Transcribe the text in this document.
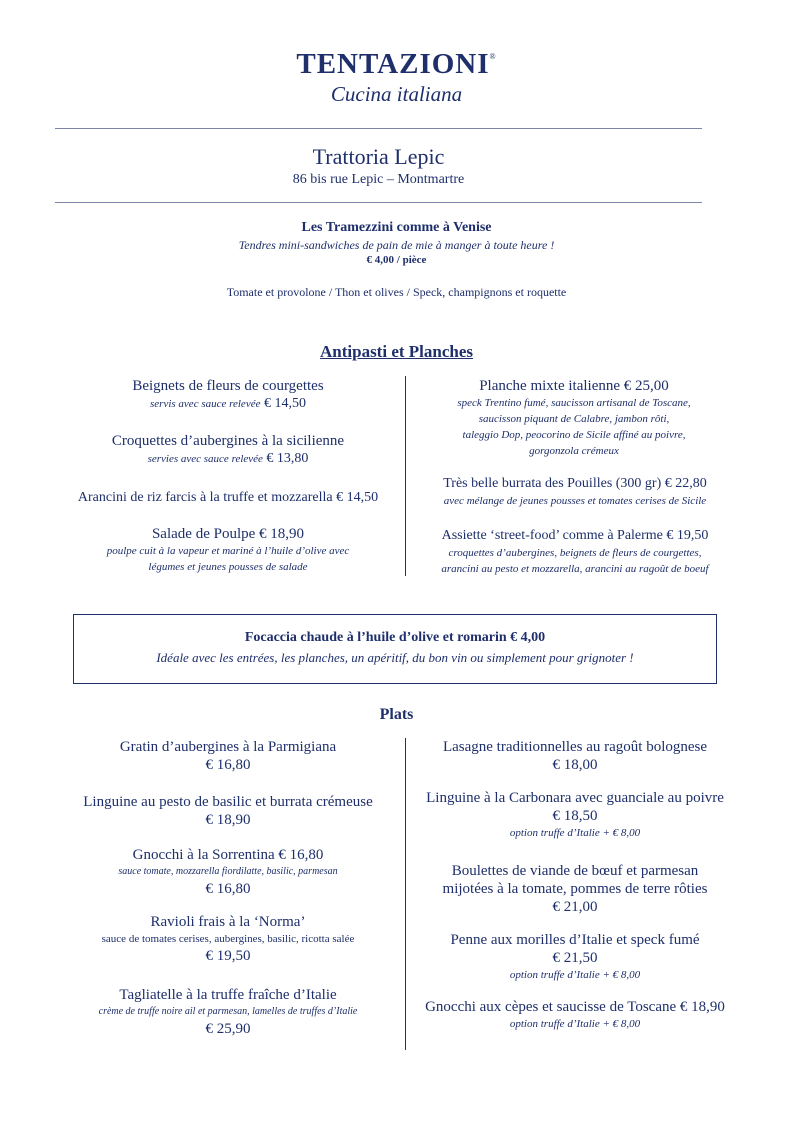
TENTAZIONI®
Cucina italiana
Trattoria Lepic
86 bis rue Lepic – Montmartre
Les Tramezzini comme à Venise
Tendres mini-sandwiches de pain de mie à manger à toute heure !
€ 4,00 / pièce
Tomate et provolone / Thon et olives / Speck, champignons et roquette
Antipasti et Planches
Beignets de fleurs de courgettes
servis avec sauce relevée € 14,50
Croquettes d’aubergines à la sicilienne
servies avec sauce relevée € 13,80
Arancini de riz farcis à la truffe et mozzarella € 14,50
Salade de Poulpe € 18,90
poulpe cuit à la vapeur et mariné à l’huile d’olive avec
légumes et jeunes pousses de salade
Planche mixte italienne € 25,00
speck Trentino fumé, saucisson artisanal de Toscane,
saucisson piquant de Calabre, jambon rôti,
taleggio Dop, peocorino de Sicile affiné au poivre,
gorgonzola crémeux
Très belle burrata des Pouilles (300 gr) € 22,80
avec mélange de jeunes pousses et tomates cerises de Sicile
Assiette ‘street-food’ comme à Palerme € 19,50
croquettes d’aubergines, beignets de fleurs de courgettes,
arancini au pesto et mozzarella, arancini au ragoût de boeuf
Focaccia chaude à l’huile d’olive et romarin € 4,00
Idéale avec les entrées, les planches, un apéritif, du bon vin ou simplement pour grignoter !
Plats
Gratin d’aubergines à la Parmigiana
€ 16,80
Linguine au pesto de basilic et burrata crémeuse
€ 18,90
Gnocchi à la Sorrentina € 16,80
sauce tomate, mozzarella fiordilatte, basilic, parmesan
€ 16,80
Ravioli frais à la ‘Norma’
sauce de tomates cerises, aubergines, basilic, ricotta salée
€ 19,50
Tagliatelle à la truffe fraîche d’Italie
crème de truffe noire ail et parmesan, lamelles de truffes d’Italie
€ 25,90
Lasagne traditionnelles au ragoût bolognese
€ 18,00
Linguine à la Carbonara avec guanciale au poivre
€ 18,50
option truffe d’Italie + € 8,00
Boulettes de viande de bœuf et parmesan
mijotées à la tomate, pommes de terre rôties
€ 21,00
Penne aux morilles d’Italie et speck fumé
€ 21,50
option truffe d’Italie + € 8,00
Gnocchi aux cèpes et saucisse de Toscane € 18,90
option truffe d’Italie + € 8,00
